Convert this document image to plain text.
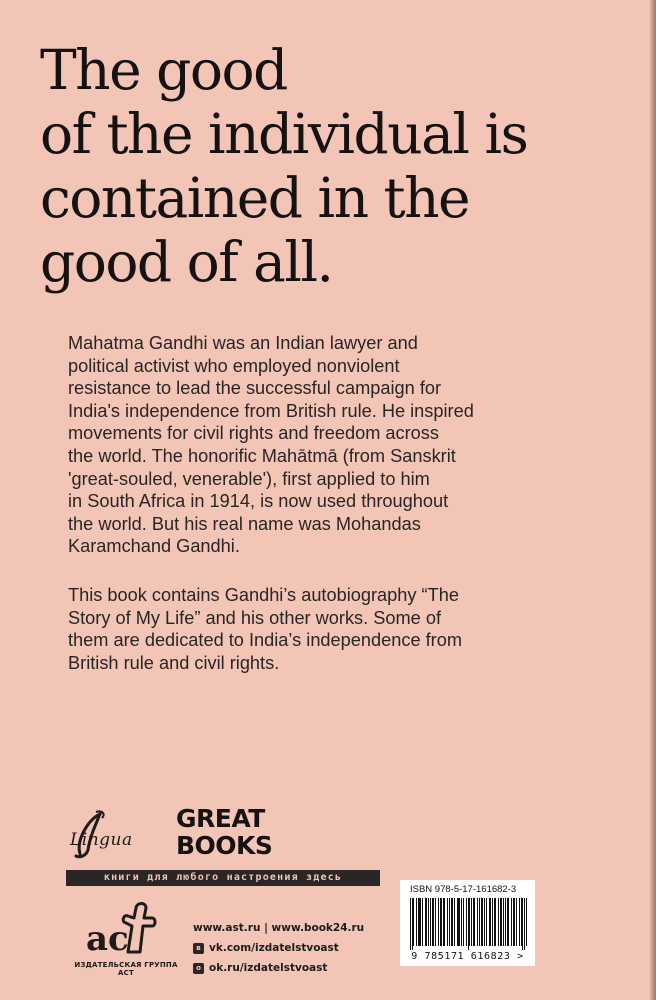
The good
of the individual is
contained in the
good of all.
Mahatma Gandhi was an Indian lawyer and
political activist who employed nonviolent
resistance to lead the successful campaign for
India's independence from British rule. He inspired
movements for civil rights and freedom across
the world. The honorific Mahātmā (from Sanskrit
'great-souled, venerable'), first applied to him
in South Africa in 1914, is now used throughout
the world. But his real name was Mohandas
Karamchand Gandhi.
This book contains Gandhi’s autobiography “The
Story of My Life” and his other works. Some of
them are dedicated to India’s independence from
British rule and civil rights.
Lingua
GREAT
BOOKS
книги для любого настроения здесь
ac
ИЗДАТЕЛЬСКАЯ ГРУППА АСТ
www.ast.ru | www.book24.ru
в vk.com/izdatelstvoast
о ok.ru/izdatelstvoast
ISBN 978-5-17-161682-3
9 785171 616823 >
